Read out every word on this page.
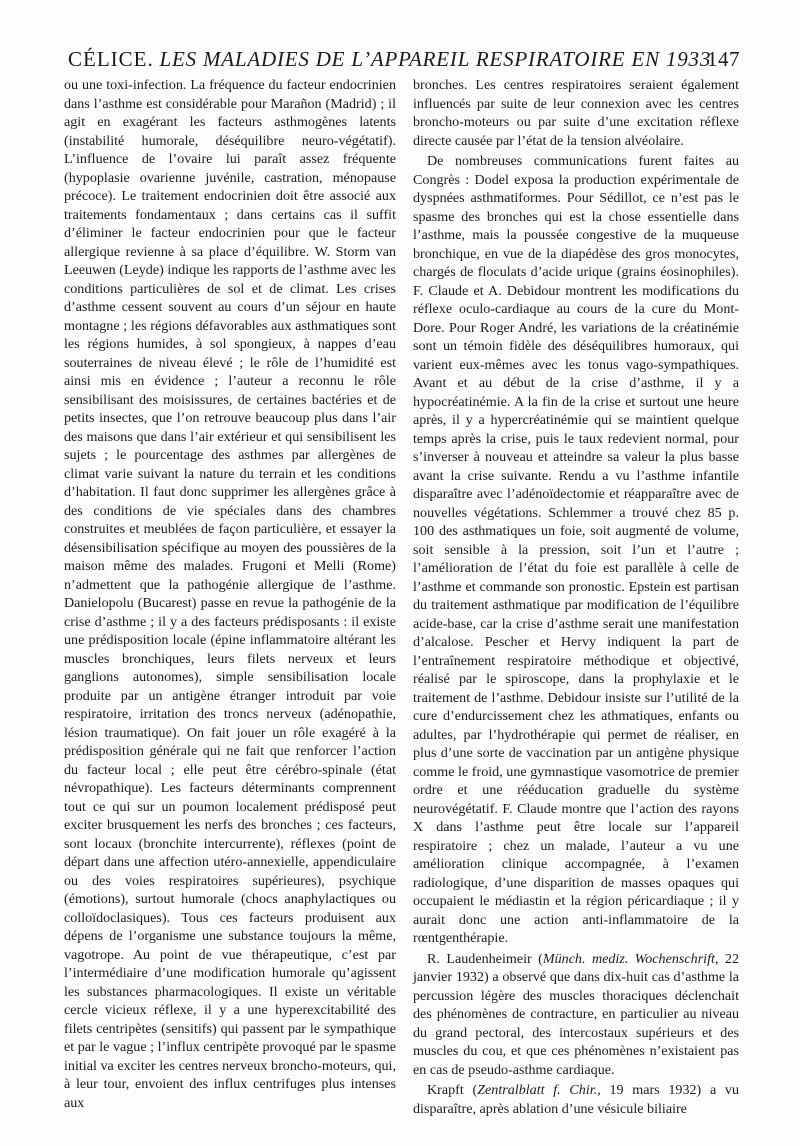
CÉLICE. LES MALADIES DE L’APPAREIL RESPIRATOIRE EN 1933
147

ou une toxi-infection. La fréquence du facteur endocrinien dans l’asthme est considérable pour Marañon (Madrid) ; il agit en exagérant les facteurs asthmogènes latents (instabilité humorale, déséquilibre neuro-végétatif). L’influence de l’ovaire lui paraît assez fréquente (hypoplasie ovarienne juvénile, castration, ménopause précoce). Le traitement endocrinien doit être associé aux traitements fondamentaux ; dans certains cas il suffit d’éliminer le facteur endocrinien pour que le facteur allergique revienne à sa place d’équilibre. W. Storm van Leeuwen (Leyde) indique les rapports de l’asthme avec les conditions particulières de sol et de climat. Les crises d’asthme cessent souvent au cours d’un séjour en haute montagne ; les régions défavorables aux asthmatiques sont les régions humides, à sol spongieux, à nappes d’eau souterraines de niveau élevé ; le rôle de l’humidité est ainsi mis en évidence ; l’auteur a reconnu le rôle sensibilisant des moisissures, de certaines bactéries et de petits insectes, que l’on retrouve beaucoup plus dans l’air des maisons que dans l’air extérieur et qui sensibilisent les sujets ; le pourcentage des asthmes par allergènes de climat varie suivant la nature du terrain et les conditions d’habitation. Il faut donc supprimer les allergènes grâce à des conditions de vie spéciales dans des chambres construites et meublées de façon particulière, et essayer la désensibilisation spécifique au moyen des poussières de la maison même des malades. Frugoni et Melli (Rome) n’admettent que la pathogénie allergique de l’asthme. Danielopolu (Bucarest) passe en revue la pathogénie de la crise d’asthme ; il y a des facteurs prédisposants : il existe une prédisposition locale (épine inflammatoire altérant les muscles bronchiques, leurs filets nerveux et leurs ganglions autonomes), simple sensibilisation locale produite par un antigène étranger introduit par voie respiratoire, irritation des troncs nerveux (adénopathie, lésion traumatique). On fait jouer un rôle exagéré à la prédisposition générale qui ne fait que renforcer l’action du facteur local ; elle peut être cérébro-spinale (état névropathique). Les facteurs déterminants comprennent tout ce qui sur un poumon localement prédisposé peut exciter brusquement les nerfs des bronches ; ces facteurs, sont locaux (bronchite intercurrente), réflexes (point de départ dans une affection utéro-annexielle, appendiculaire ou des voies respiratoires supérieures), psychique (émotions), surtout humorale (chocs anaphylactiques ou colloïdoclasiques). Tous ces facteurs produisent aux dépens de l’organisme une substance toujours la même, vagotrope. Au point de vue thérapeutique, c’est par l’intermédiaire d’une modification humorale qu’agissent les substances pharmacologiques. Il existe un véritable cercle vicieux réflexe, il y a une hyperexcitabilité des filets centripètes (sensitifs) qui passent par le sympathique et par le vague ; l’influx centripète provoqué par le spasme initial va exciter les centres nerveux broncho-moteurs, qui, à leur tour, envoient des influx centrifuges plus intenses aux

bronches. Les centres respiratoires seraient également influencés par suite de leur connexion avec les centres broncho-moteurs ou par suite d’une excitation réflexe directe causée par l’état de la tension alvéolaire.

De nombreuses communications furent faites au Congrès : Dodel exposa la production expérimentale de dyspnées asthmatiformes. Pour Sédillot, ce n’est pas le spasme des bronches qui est la chose essentielle dans l’asthme, mais la poussée congestive de la muqueuse bronchique, en vue de la diapédèse des gros monocytes, chargés de floculats d’acide urique (grains éosinophiles). F. Claude et A. Debidour montrent les modifications du réflexe oculo-cardiaque au cours de la cure du Mont-Dore. Pour Roger André, les variations de la créatinémie sont un témoin fidèle des déséquilibres humoraux, qui varient eux-mêmes avec les tonus vago-sympathiques. Avant et au début de la crise d’asthme, il y a hypocréatinémie. A la fin de la crise et surtout une heure après, il y a hypercréatinémie qui se maintient quelque temps après la crise, puis le taux redevient normal, pour s’inverser à nouveau et atteindre sa valeur la plus basse avant la crise suivante. Rendu a vu l’asthme infantile disparaître avec l’adénoïdectomie et réapparaître avec de nouvelles végétations. Schlemmer a trouvé chez 85 p. 100 des asthmatiques un foie, soit augmenté de volume, soit sensible à la pression, soit l’un et l’autre ; l’amélioration de l’état du foie est parallèle à celle de l’asthme et commande son pronostic. Epstein est partisan du traitement asthmatique par modification de l’équilibre acide-base, car la crise d’asthme serait une manifestation d’alcalose. Pescher et Hervy indiquent la part de l’entraînement respiratoire méthodique et objectivé, réalisé par le spiroscope, dans la prophylaxie et le traitement de l’asthme. Debidour insiste sur l’utilité de la cure d’endurcissement chez les athmatiques, enfants ou adultes, par l’hydrothérapie qui permet de réaliser, en plus d’une sorte de vaccination par un antigène physique comme le froid, une gymnastique vasomotrice de premier ordre et une rééducation graduelle du système neurovégétatif. F. Claude montre que l’action des rayons X dans l’asthme peut être locale sur l’appareil respiratoire ; chez un malade, l’auteur a vu une amélioration clinique accompagnée, à l’examen radiologique, d’une disparition de masses opaques qui occupaient le médiastin et la région péricardiaque ; il y aurait donc une action anti-inflammatoire de la rœntgenthérapie.

R. Laudenheimeir (Münch. mediz. Wochenschrift, 22 janvier 1932) a observé que dans dix-huit cas d’asthme la percussion légère des muscles thoraciques déclenchait des phénomènes de contracture, en particulier au niveau du grand pectoral, des intercostaux supérieurs et des muscles du cou, et que ces phénomènes n’existaient pas en cas de pseudo-asthme cardiaque.

Krapft (Zentralblatt f. Chir., 19 mars 1932) a vu disparaître, après ablation d’une vésicule biliaire
